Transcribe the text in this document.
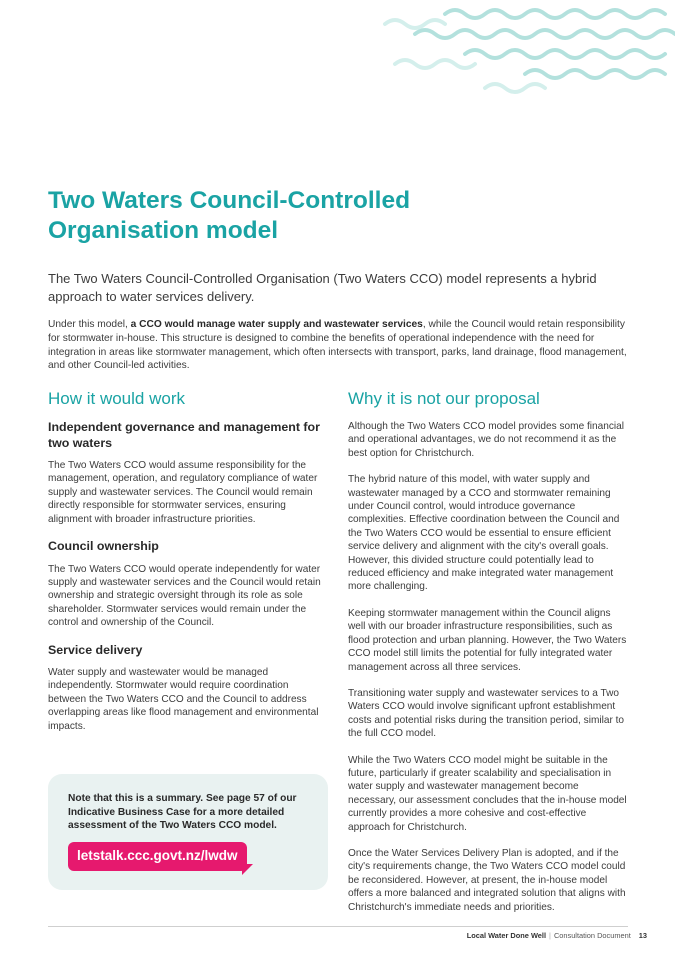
Two Waters Council-Controlled Organisation model

The Two Waters Council-Controlled Organisation (Two Waters CCO) model represents a hybrid approach to water services delivery.

Under this model, a CCO would manage water supply and wastewater services, while the Council would retain responsibility for stormwater in-house. This structure is designed to combine the benefits of operational independence with the need for integration in areas like stormwater management, which often intersects with transport, parks, land drainage, flood management, and other Council-led activities.

How it would work
Independent governance and management for two waters

The Two Waters CCO would assume responsibility for the management, operation, and regulatory compliance of water supply and wastewater services. The Council would remain directly responsible for stormwater services, ensuring alignment with broader infrastructure priorities.

Council ownership

The Two Waters CCO would operate independently for water supply and wastewater services and the Council would retain ownership and strategic oversight through its role as sole shareholder. Stormwater services would remain under the control and ownership of the Council.

Service delivery

Water supply and wastewater would be managed independently. Stormwater would require coordination between the Two Waters CCO and the Council to address overlapping areas like flood management and environmental impacts.

Note that this is a summary. See page 57 of our Indicative Business Case for a more detailed assessment of the Two Waters CCO model.

letstalk.ccc.govt.nz/lwdw
Why it is not our proposal

Although the Two Waters CCO model provides some financial and operational advantages, we do not recommend it as the best option for Christchurch.

The hybrid nature of this model, with water supply and wastewater managed by a CCO and stormwater remaining under Council control, would introduce governance complexities. Effective coordination between the Council and the Two Waters CCO would be essential to ensure efficient service delivery and alignment with the city's overall goals. However, this divided structure could potentially lead to reduced efficiency and make integrated water management more challenging.

Keeping stormwater management within the Council aligns well with our broader infrastructure responsibilities, such as flood protection and urban planning. However, the Two Waters CCO model still limits the potential for fully integrated water management across all three services.

Transitioning water supply and wastewater services to a Two Waters CCO would involve significant upfront establishment costs and potential risks during the transition period, similar to the full CCO model.

While the Two Waters CCO model might be suitable in the future, particularly if greater scalability and specialisation in water supply and wastewater management become necessary, our assessment concludes that the in-house model currently provides a more cohesive and cost-effective approach for Christchurch.

Once the Water Services Delivery Plan is adopted, and if the city's requirements change, the Two Waters CCO model could be reconsidered. However, at present, the in-house model offers a more balanced and integrated solution that aligns with Christchurch's immediate needs and priorities.

Local Water Done Well | Consultation Document 13
